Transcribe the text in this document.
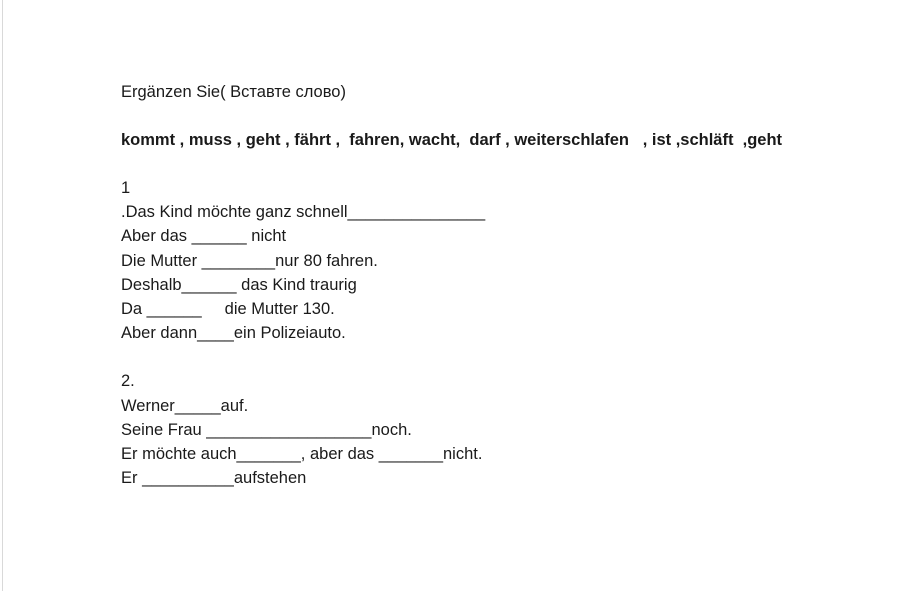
Ergänzen Sie( Вставте слово)

kommt , muss , geht , fährt ,  fahren, wacht,  darf , weiterschlafen   , ist ,schläft  ,geht

1

.Das Kind möchte ganz schnell_______________

Aber das ______ nicht

Die Mutter ________nur 80 fahren.

Deshalb______ das Kind traurig

Da ______     die Mutter 130.

Aber dann____ein Polizeiauto.

2.

Werner_____auf.

Seine Frau __________________noch.

Er möchte auch_______, aber das _______nicht.

Er __________aufstehen
